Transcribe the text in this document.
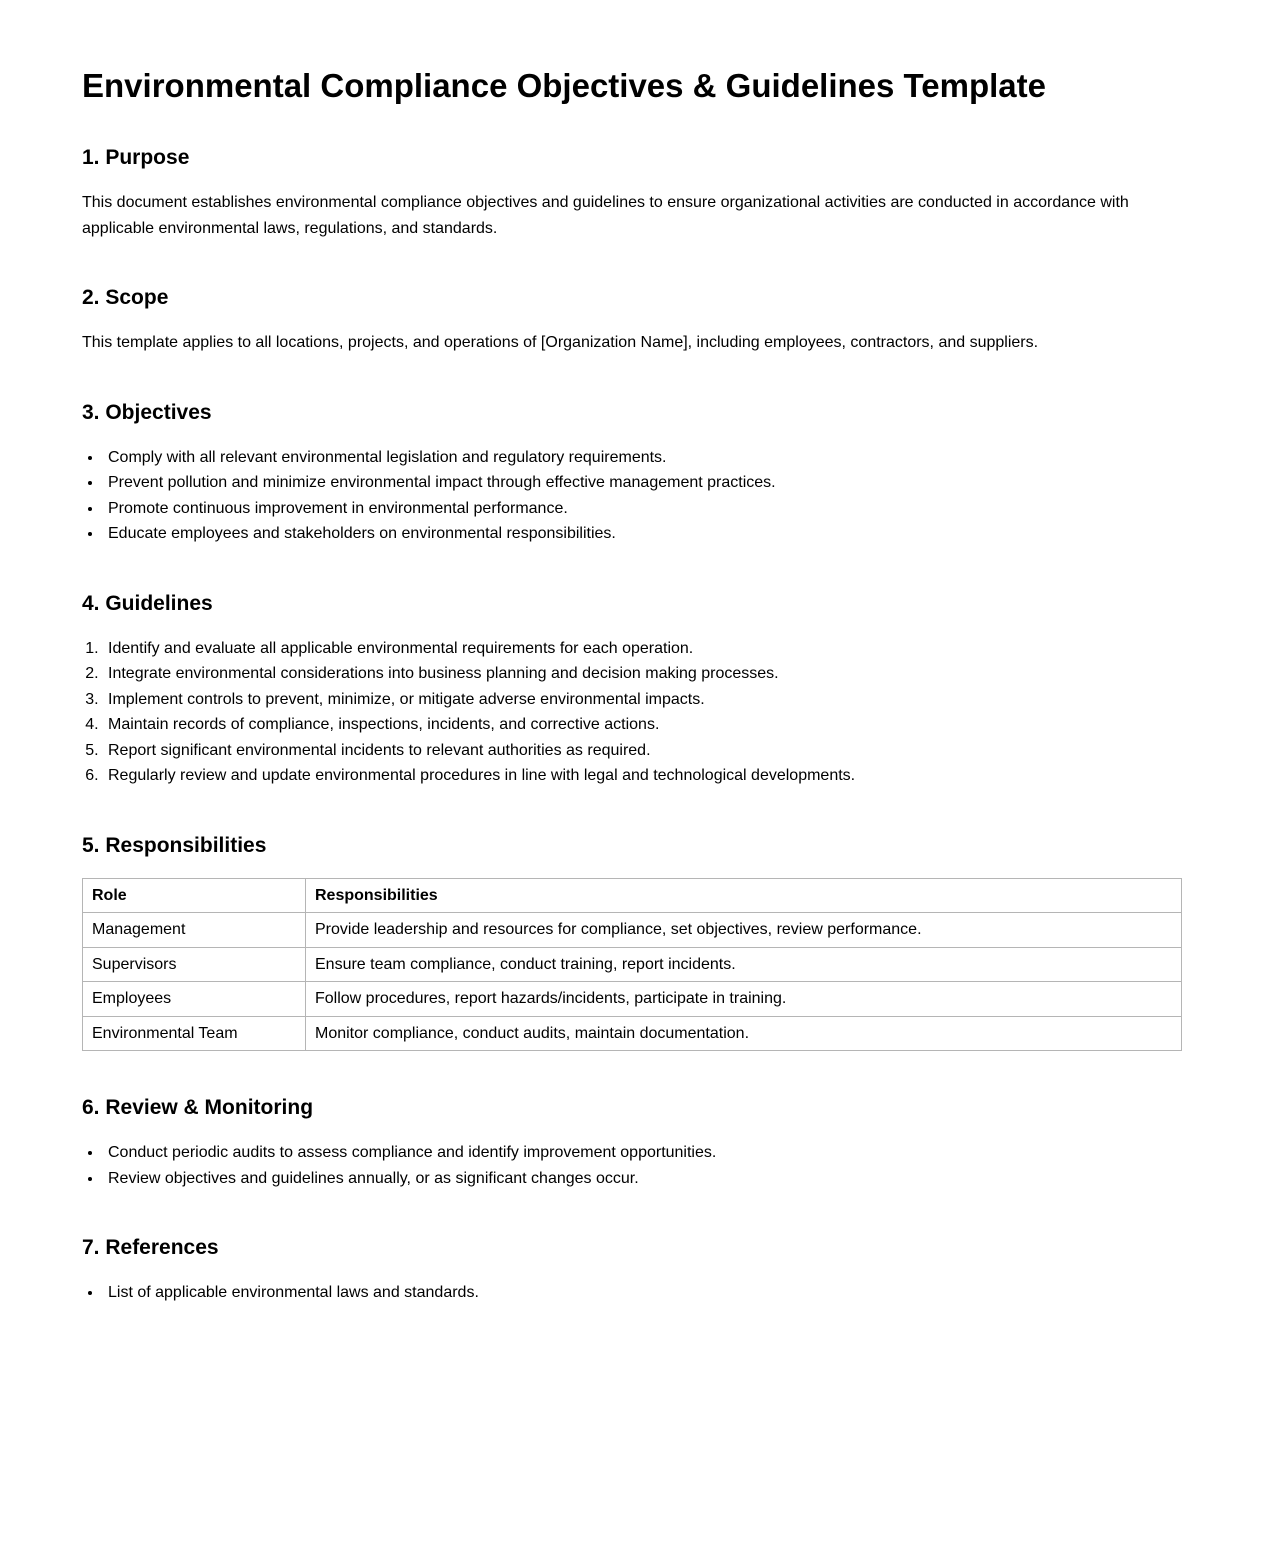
Environmental Compliance Objectives & Guidelines Template
1. Purpose

This document establishes environmental compliance objectives and guidelines to ensure organizational activities are conducted in accordance with applicable environmental laws, regulations, and standards.

2. Scope

This template applies to all locations, projects, and operations of [Organization Name], including employees, contractors, and suppliers.

3. Objectives
• Comply with all relevant environmental legislation and regulatory requirements.
• Prevent pollution and minimize environmental impact through effective management practices.
• Promote continuous improvement in environmental performance.
• Educate employees and stakeholders on environmental responsibilities.
4. Guidelines
1. Identify and evaluate all applicable environmental requirements for each operation.
2. Integrate environmental considerations into business planning and decision making processes.
3. Implement controls to prevent, minimize, or mitigate adverse environmental impacts.
4. Maintain records of compliance, inspections, incidents, and corrective actions.
5. Report significant environmental incidents to relevant authorities as required.
6. Regularly review and update environmental procedures in line with legal and technological developments.
5. Responsibilities
Role	Responsibilities
Management	Provide leadership and resources for compliance, set objectives, review performance.
Supervisors	Ensure team compliance, conduct training, report incidents.
Employees	Follow procedures, report hazards/incidents, participate in training.
Environmental Team	Monitor compliance, conduct audits, maintain documentation.
6. Review & Monitoring
• Conduct periodic audits to assess compliance and identify improvement opportunities.
• Review objectives and guidelines annually, or as significant changes occur.
7. References
• List of applicable environmental laws and standards.
